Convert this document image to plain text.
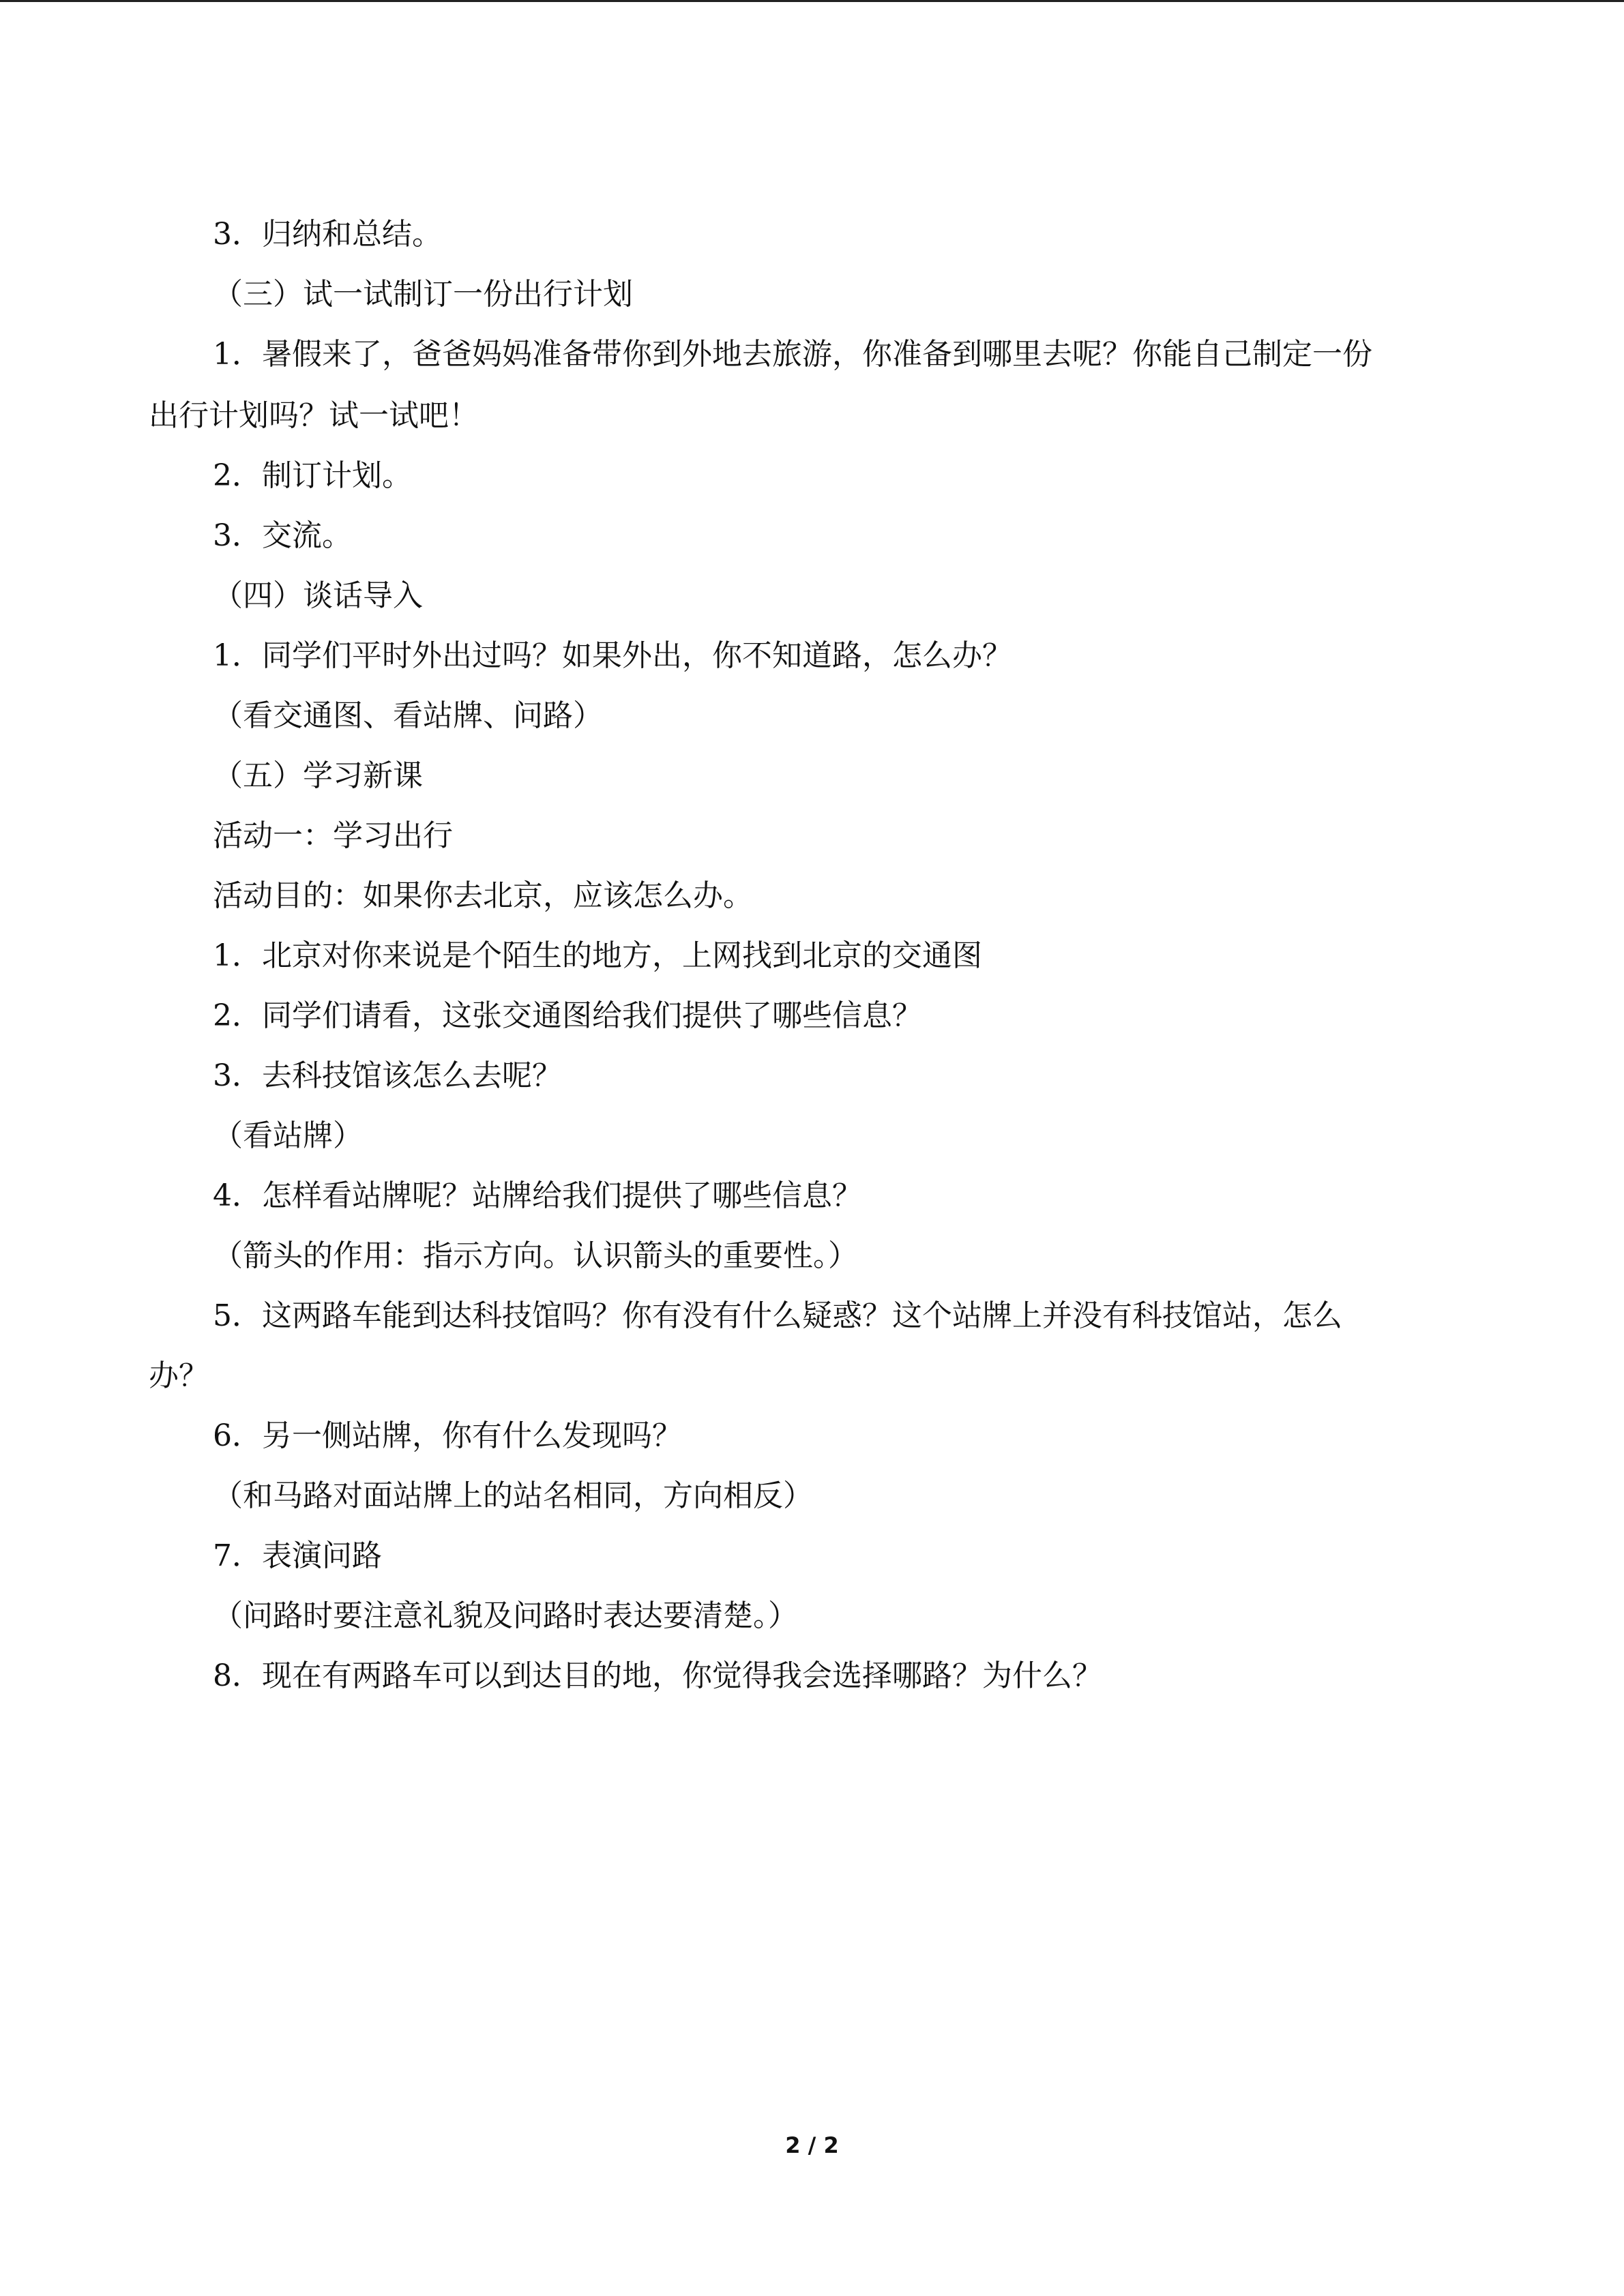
3．归纳和总结。
（三）试一试制订一份出行计划
1．暑假来了，爸爸妈妈准备带你到外地去旅游，你准备到哪里去呢？你能自己制定一份
出行计划吗？试一试吧！
2．制订计划。
3．交流。
（四）谈话导入
1．同学们平时外出过吗？如果外出，你不知道路，怎么办？
（看交通图、看站牌、问路）
（五）学习新课
活动一：学习出行
活动目的：如果你去北京，应该怎么办。
1．北京对你来说是个陌生的地方，上网找到北京的交通图
2．同学们请看，这张交通图给我们提供了哪些信息？
3．去科技馆该怎么去呢？
（看站牌）
4．怎样看站牌呢？站牌给我们提供了哪些信息？
（箭头的作用：指示方向。认识箭头的重要性。）
5．这两路车能到达科技馆吗？你有没有什么疑惑？这个站牌上并没有科技馆站，怎么
办？
6．另一侧站牌，你有什么发现吗？
（和马路对面站牌上的站名相同，方向相反）
7．表演问路
（问路时要注意礼貌及问路时表达要清楚。）
8．现在有两路车可以到达目的地，你觉得我会选择哪路？为什么？
2 / 2
